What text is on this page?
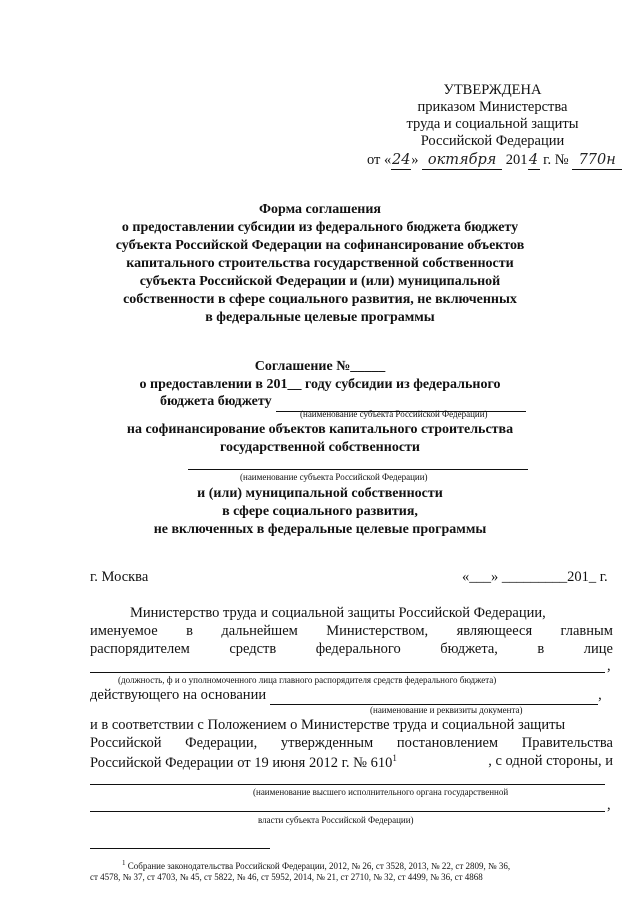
УТВЕРЖДЕНА
приказом Министерства
труда и социальной защиты
Российской Федерации
от «24» октября 2014 г. № 770н
Форма соглашения
о предоставлении субсидии из федерального бюджета бюджету
субъекта Российской Федерации на софинансирование объектов
капитального строительства государственной собственности
субъекта Российской Федерации и (или) муниципальной
собственности в сфере социального развития, не включенных
в федеральные целевые программы
Соглашение №_____
о предоставлении в 201__ году субсидии из федерального
бюджета бюджету
(наименование субъекта Российской Федерации)
на софинансирование объектов капитального строительства
государственной собственности
(наименование субъекта Российской Федерации)
и (или) муниципальной собственности
в сфере социального развития,
не включенных в федеральные целевые программы
г. Москва	«___» _________201_ г.
Министерство труда и социальной защиты Российской Федерации,
именуемое в дальнейшем Министерством, являющееся главным
распорядителем	средств	федерального	бюджета,	в	лице
,
(должность, ф и о уполномоченного лица главного распорядителя средств федерального бюджета)
действующего на основании	,
(наименование и реквизиты документа)
и в соответствии с Положением о Министерстве труда и социальной защиты
Российской Федерации, утвержденным постановлением Правительства
Российской Федерации от 19 июня 2012 г. № $610^1$	, с одной стороны, и
(наименование высшего исполнительного органа государственной
,
власти субъекта Российской Федерации)
$^1$ Собрание законодательства Российской Федерации, 2012, № 26, ст 3528, 2013, № 22, ст 2809, № 36,
ст 4578, № 37, ст 4703, № 45, ст 5822, № 46, ст 5952, 2014, № 21, ст 2710, № 32, ст 4499, № 36, ст 4868
